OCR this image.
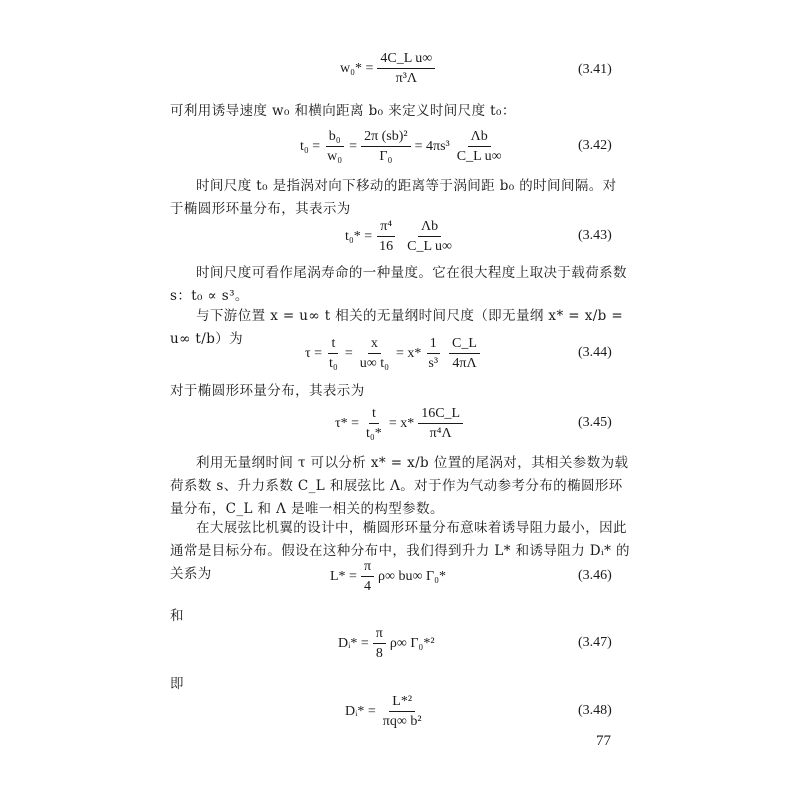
$w_0* = \frac{\text{4C\_L u∞}}{\text{π³Λ}}$	(3.41)
可利用诱导速度 w₀ 和横向距离 b₀ 来定义时间尺度 t₀：
$t_0 = \frac{\text{b₀}}{\text{w₀}} = \frac{\text{2π (sb)²}}{\text{Γ₀}} = 4\pi s^3 \frac{\Lambda b}{\text{C\_L u∞}}$	(3.42)
时间尺度 t₀ 是指涡对向下移动的距离等于涡间距 b₀ 的时间间隔。对于椭圆形环量分布，其表示为
$t_0* = \frac{\text{π⁴}}{16} \frac{\Lambda b}{\text{C\_L u∞}}$	(3.43)
时间尺度可看作尾涡寿命的一种量度。它在很大程度上取决于载荷系数 s：t₀ ∝ s³。
与下游位置 x = u∞ t 相关的无量纲时间尺度（即无量纲 x* = x/b = u∞ t/b）为
$\tau = \frac{t}{\text{t₀}} = \frac{x}{\text{u∞ t₀}} = x* \frac{1}{\text{s³}} \frac{C\_L}{4\pi\Lambda}$	(3.44)
对于椭圆形环量分布，其表示为
$\tau* = \frac{t}{\text{t₀*}} = x* \frac{16C\_L}{\text{π⁴Λ}}$	(3.45)
利用无量纲时间 τ 可以分析 x* = x/b 位置的尾涡对，其相关参数为载荷系数 s、升力系数 C_L 和展弦比 Λ。对于作为气动参考分布的椭圆形环量分布，C_L 和 Λ 是唯一相关的构型参数。
在大展弦比机翼的设计中，椭圆形环量分布意味着诱导阻力最小，因此通常是目标分布。假设在这种分布中，我们得到升力 L* 和诱导阻力 Dᵢ* 的关系为	$L* = \frac{\pi}{4} \rho\infty$ bu∞ Γ₀*	(3.46)
和
Dᵢ* = $\frac{\pi}{8} \rho\infty$ Γ₀*²	(3.47)
即
Dᵢ* = $\frac{\text{L*²}}{\text{πq∞ b²}}$	(3.48)
77
